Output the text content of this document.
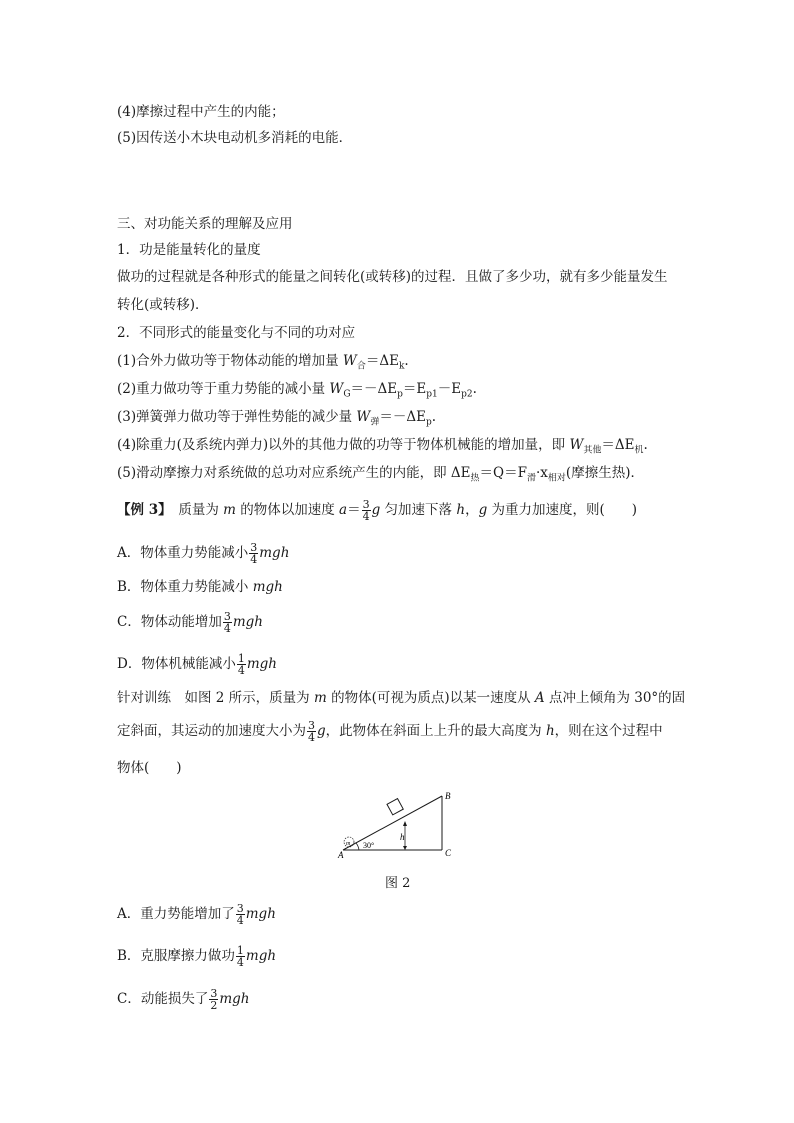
(4)摩擦过程中产生的内能；
(5)因传送小木块电动机多消耗的电能．
三、对功能关系的理解及应用
1．功是能量转化的量度
做功的过程就是各种形式的能量之间转化(或转移)的过程．且做了多少功，就有多少能量发生
转化(或转移)．
2．不同形式的能量变化与不同的功对应
(1)合外力做功等于物体动能的增加量 $W_合=\Delta E_k$.
(2)重力做功等于重力势能的减小量 $W_G=-\Delta E_p=E_{p1}-E_{p2}$.
(3)弹簧弹力做功等于弹性势能的减少量 $W_弹=-\Delta E_p$.
(4)除重力(及系统内弹力)以外的其他力做的功等于物体机械能的增加量，即 $W_{其他}=\Delta E_机$.
(5)滑动摩擦力对系统做的总功对应系统产生的内能，即 $\Delta E_热=Q=F_滑\cdot x_{相对}$(摩擦生热)．
【例 3】　质量为 m 的物体以加速度 $a= \frac{3}{4}$ g 匀加速下落 h，g 为重力加速度，则(　　)
A．物体重力势能减小 $\frac{3}{4}$ mgh
B．物体重力势能减小 mgh
C．物体动能增加 $\frac{3}{4}$ mgh
D．物体机械能减小 $\frac{1}{4}$ mgh
针对训练　如图 2 所示，质量为 m 的物体(可视为质点)以某一速度从 A 点冲上倾角为 30°的固
定斜面，其运动的加速度大小为 $\frac{3}{4}$ g，此物体在斜面上上升的最大高度为 h，则在这个过程中
物体(　　)
A
B
C
h
m 30°
图 2
A．重力势能增加了 $\frac{3}{4}$ mgh
B．克服摩擦力做功 $\frac{1}{4}$ mgh
C．动能损失了 $\frac{3}{2}$ mgh
